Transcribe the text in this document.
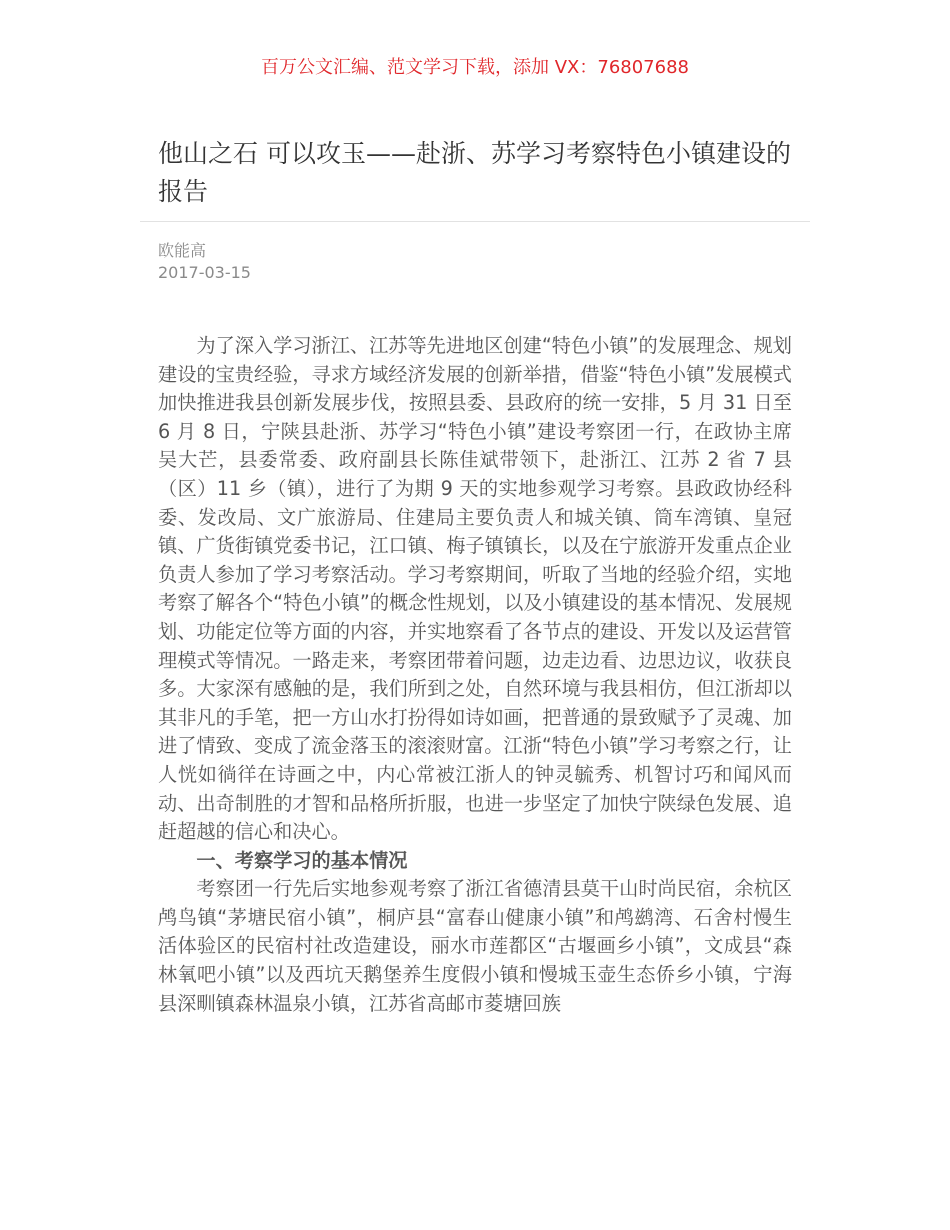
百万公文汇编、范文学习下载，添加 VX：76807688
他山之石 可以攻玉——赴浙、苏学习考察特色小镇建设的报告
欧能高
2017-03-15

为了深入学习浙江、江苏等先进地区创建“特色小镇”的发展理念、规划建设的宝贵经验，寻求方域经济发展的创新举措，借鉴“特色小镇”发展模式加快推进我县创新发展步伐，按照县委、县政府的统一安排，5 月 31 日至 6 月 8 日，宁陕县赴浙、苏学习“特色小镇”建设考察团一行，在政协主席吴大芒，县委常委、政府副县长陈佳斌带领下，赴浙江、江苏 2 省 7 县（区）11 乡（镇），进行了为期 9 天的实地参观学习考察。县政政协经科委、发改局、文广旅游局、住建局主要负责人和城关镇、筒车湾镇、皇冠镇、广货街镇党委书记，江口镇、梅子镇镇长，以及在宁旅游开发重点企业负责人参加了学习考察活动。学习考察期间，听取了当地的经验介绍，实地考察了解各个“特色小镇”的概念性规划，以及小镇建设的基本情况、发展规划、功能定位等方面的内容，并实地察看了各节点的建设、开发以及运营管理模式等情况。一路走来，考察团带着问题，边走边看、边思边议，收获良多。大家深有感触的是，我们所到之处，自然环境与我县相仿，但江浙却以其非凡的手笔，把一方山水打扮得如诗如画，把普通的景致赋予了灵魂、加进了情致、变成了流金落玉的滚滚财富。江浙“特色小镇”学习考察之行，让人恍如徜徉在诗画之中，内心常被江浙人的钟灵毓秀、机智讨巧和闻风而动、出奇制胜的才智和品格所折服，也进一步坚定了加快宁陕绿色发展、追赶超越的信心和决心。

一、考察学习的基本情况

考察团一行先后实地参观考察了浙江省德清县莫干山时尚民宿，余杭区鸬鸟镇“茅塘民宿小镇”，桐庐县“富春山健康小镇”和鸬鹚湾、石舍村慢生活体验区的民宿村社改造建设，丽水市莲都区“古堰画乡小镇”，文成县“森林氧吧小镇”以及西坑天鹅堡养生度假小镇和慢城玉壶生态侨乡小镇，宁海县深甽镇森林温泉小镇，江苏省高邮市菱塘回族
